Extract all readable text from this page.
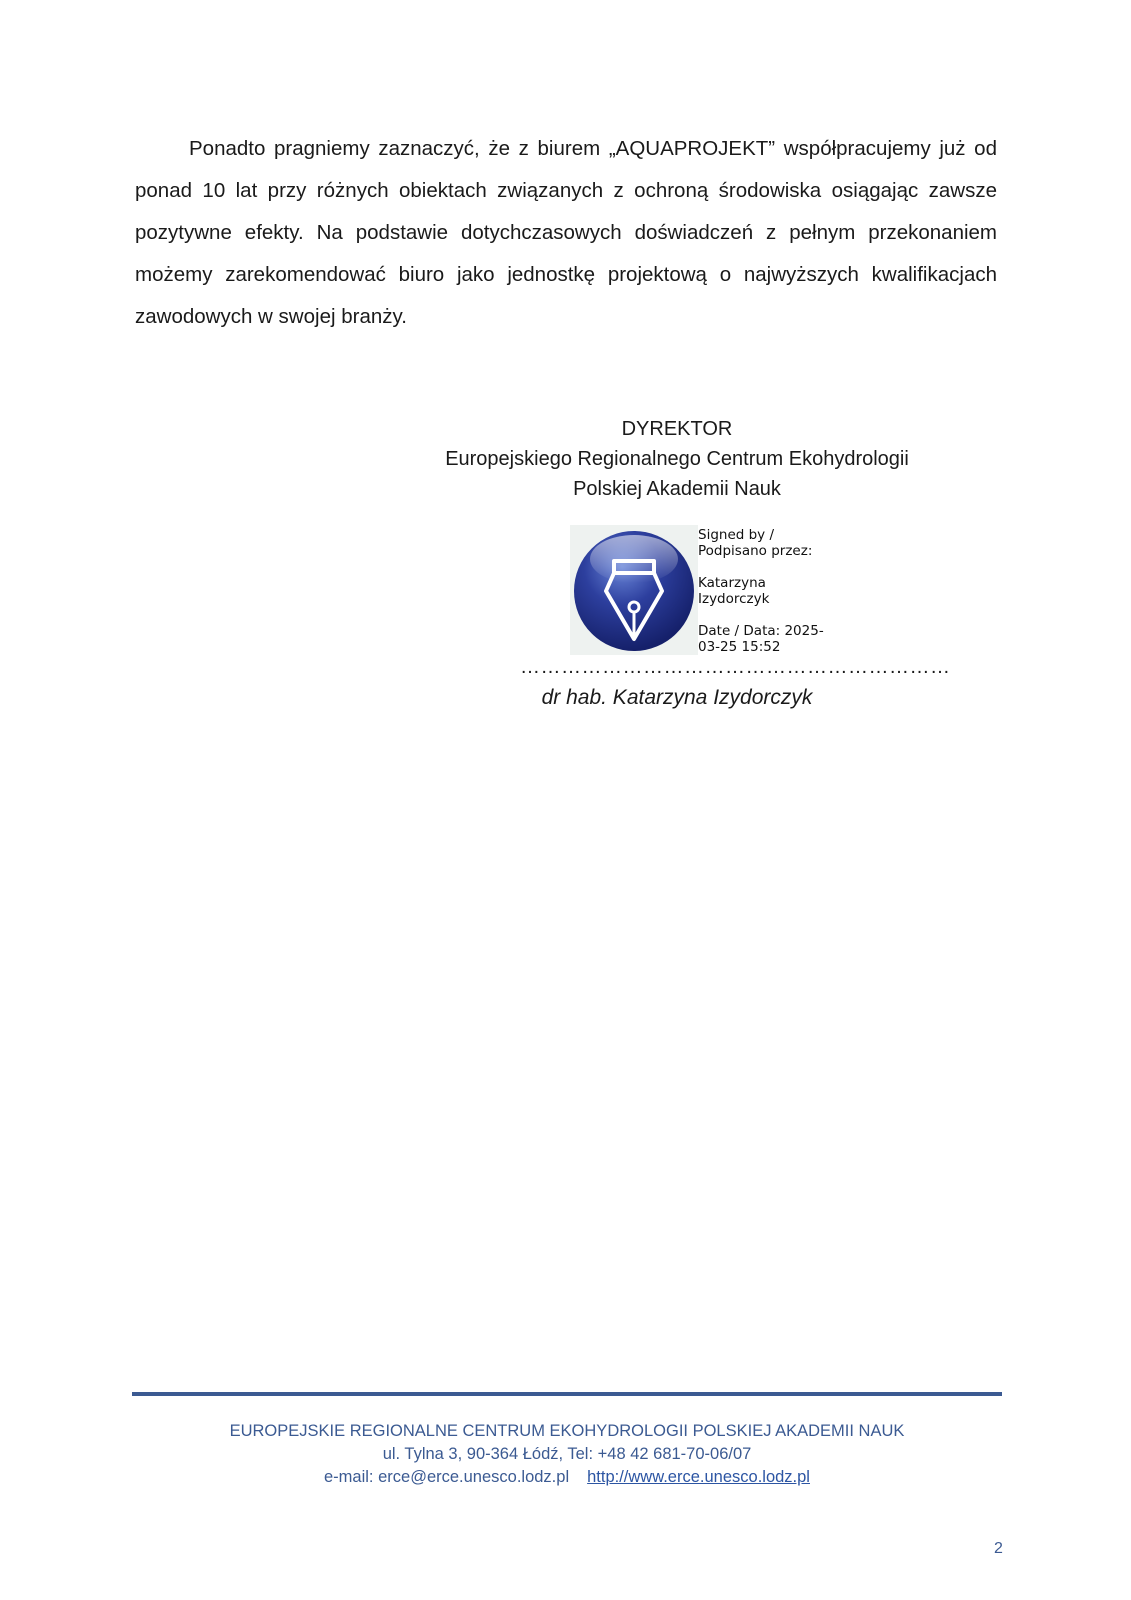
Ponadto pragniemy zaznaczyć, że z biurem „AQUAPROJEKT” współpracujemy już od ponad 10 lat przy różnych obiektach związanych z ochroną środowiska osiągając zawsze pozytywne efekty. Na podstawie dotychczasowych doświadczeń z pełnym przekonaniem możemy zarekomendować biuro jako jednostkę projektową o najwyższych kwalifikacjach zawodowych w swojej branży.

DYREKTOR
Europejskiego Regionalnego Centrum Ekohydrologii
Polskiej Akademii Nauk
Signed by /
Podpisano przez:
Katarzyna
Izydorczyk
Date / Data: 2025-
03-25 15:52
………………………………………………………
dr hab. Katarzyna Izydorczyk
EUROPEJSKIE REGIONALNE CENTRUM EKOHYDROLOGII POLSKIEJ AKADEMII NAUK
ul. Tylna 3, 90-364 Łódź, Tel: +48 42 681-70-06/07
e-mail: erce@erce.unesco.lodz.pl http://www.erce.unesco.lodz.pl
2
